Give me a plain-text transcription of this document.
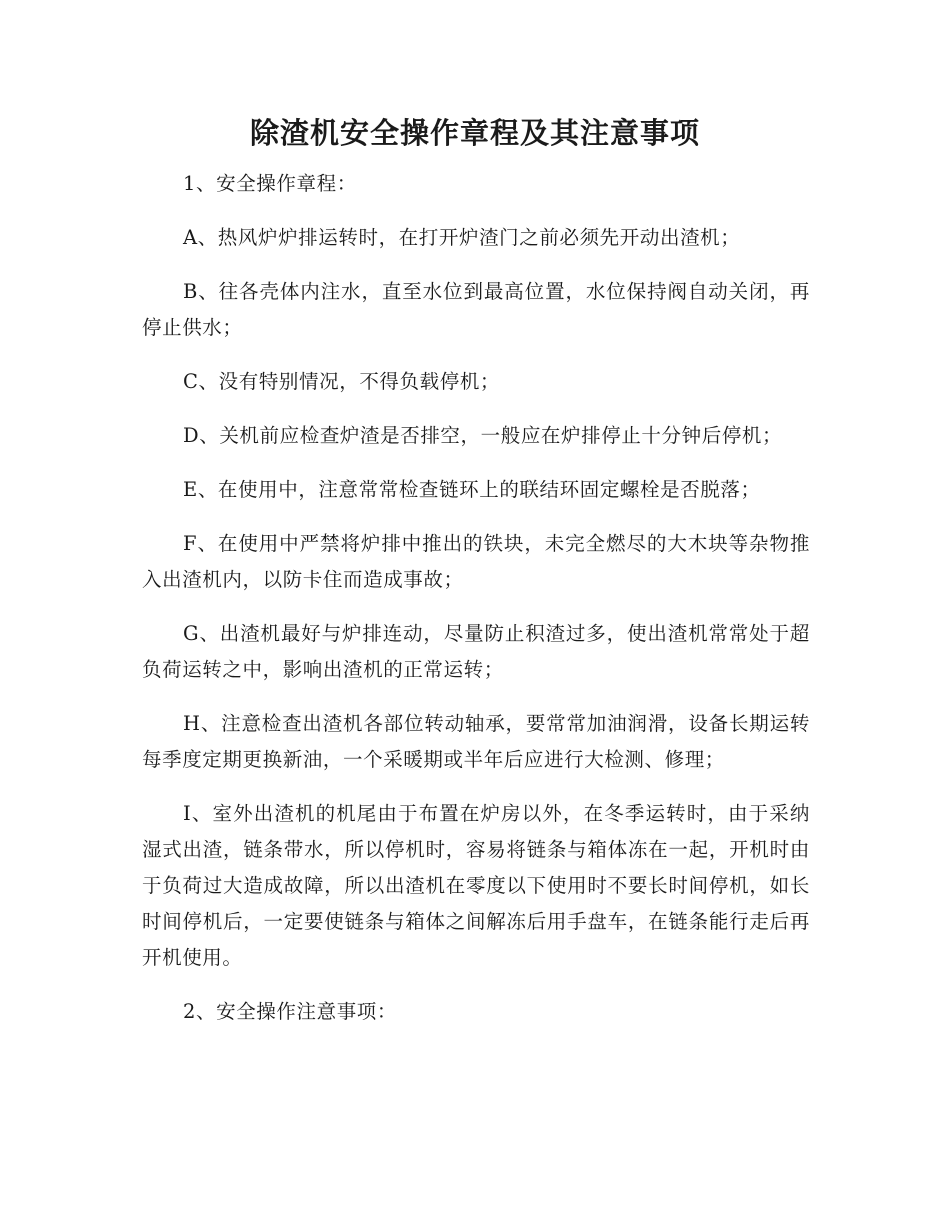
除渣机安全操作章程及其注意事项

1、安全操作章程：

A、热风炉炉排运转时，在打开炉渣门之前必须先开动出渣机；

B、往各壳体内注水，直至水位到最高位置，水位保持阀自动关闭，再停止供水；

C、没有特别情况，不得负载停机；

D、关机前应检查炉渣是否排空，一般应在炉排停止十分钟后停机；

E、在使用中，注意常常检查链环上的联结环固定螺栓是否脱落；

F、在使用中严禁将炉排中推出的铁块，未完全燃尽的大木块等杂物推入出渣机内，以防卡住而造成事故；

G、出渣机最好与炉排连动，尽量防止积渣过多，使出渣机常常处于超负荷运转之中，影响出渣机的正常运转；

H、注意检查出渣机各部位转动轴承，要常常加油润滑，设备长期运转每季度定期更换新油，一个采暖期或半年后应进行大检测、修理；

I、室外出渣机的机尾由于布置在炉房以外，在冬季运转时，由于采纳湿式出渣，链条带水，所以停机时，容易将链条与箱体冻在一起，开机时由于负荷过大造成故障，所以出渣机在零度以下使用时不要长时间停机，如长时间停机后，一定要使链条与箱体之间解冻后用手盘车，在链条能行走后再开机使用。

2、安全操作注意事项：
